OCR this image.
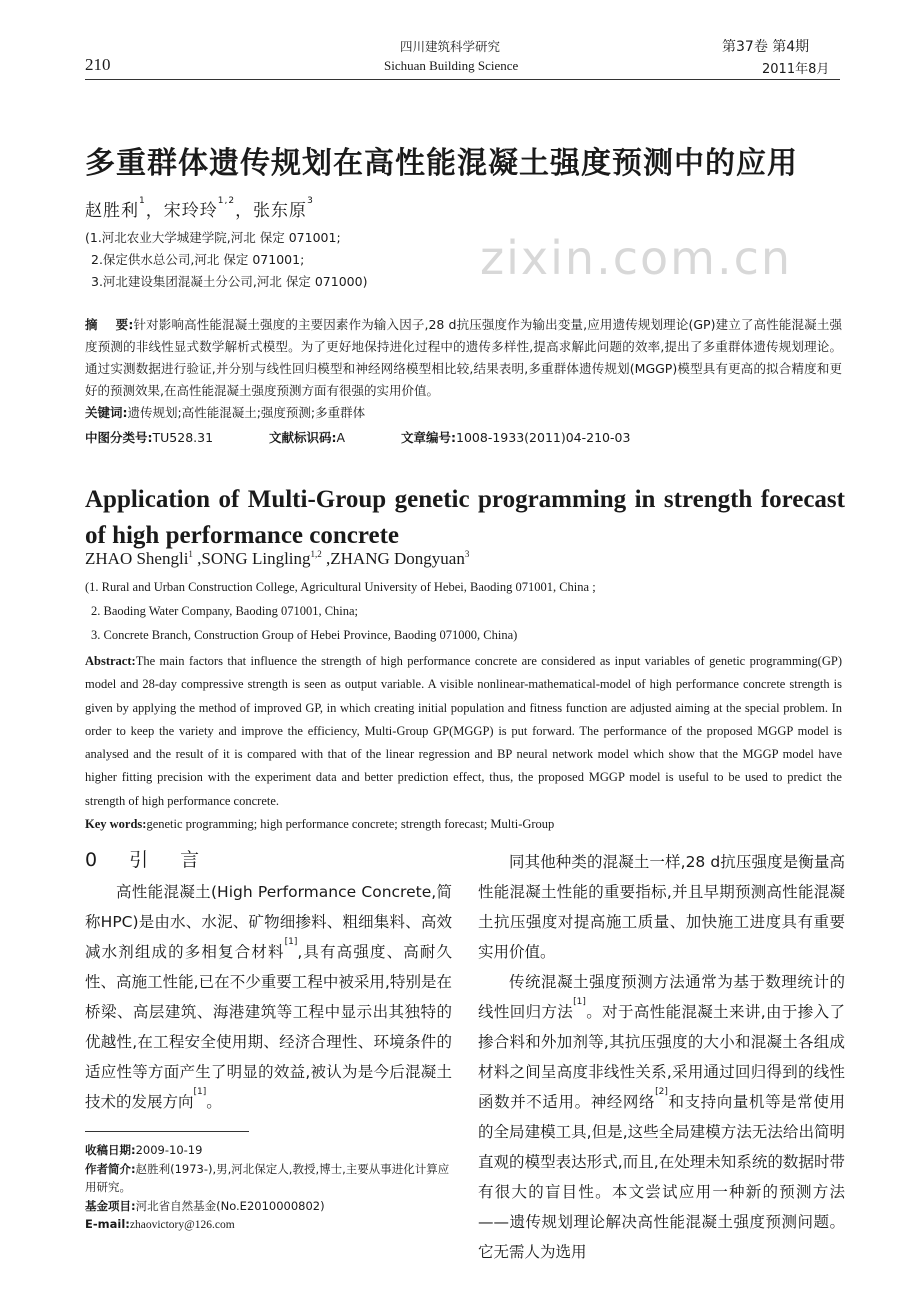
210
四川建筑科学研究
Sichuan Building Science
第37卷 第4期
2011年8月
多重群体遗传规划在高性能混凝土强度预测中的应用
赵胜利$^1$，宋玲玲$^{1,2}$，张东原$^3$
(1.河北农业大学城建学院,河北 保定 071001;
2.保定供水总公司,河北 保定 071001;
3.河北建设集团混凝土分公司,河北 保定 071000) zixin.com.cn
摘    要:针对影响高性能混凝土强度的主要因素作为输入因子,28 d抗压强度作为输出变量,应用遗传规划理论(GP)建立了高性能混凝土强度预测的非线性显式数学解析式模型。为了更好地保持进化过程中的遗传多样性,提高求解此问题的效率,提出了多重群体遗传规划理论。通过实测数据进行验证,并分别与线性回归模型和神经网络模型相比较,结果表明,多重群体遗传规划(MGGP)模型具有更高的拟合精度和更好的预测效果,在高性能混凝土强度预测方面有很强的实用价值。
关键词:遗传规划;高性能混凝土;强度预测;多重群体
中图分类号:TU528.31	文献标识码:A	文章编号:1008-1933(2011)04-210-03
Application of Multi-Group genetic programming in strength forecast of high performance concrete
ZHAO Shengli$^1$ ,SONG Lingling$^{1,2}$ ,ZHANG Dongyuan$^3$
(1. Rural and Urban Construction College, Agricultural University of Hebei, Baoding 071001, China ;
2. Baoding Water Company, Baoding 071001, China;
3. Concrete Branch, Construction Group of Hebei Province, Baoding 071000, China)
Abstract:The main factors that influence the strength of high performance concrete are considered as input variables of genetic programming(GP) model and 28-day compressive strength is seen as output variable. A visible nonlinear-mathematical-model of high performance concrete strength is given by applying the method of improved GP, in which creating initial population and fitness function are adjusted aiming at the special problem. In order to keep the variety and improve the efficiency, Multi-Group GP(MGGP) is put forward. The performance of the proposed MGGP model is analysed and the result of it is compared with that of the linear regression and BP neural network model which show that the MGGP model have higher fitting precision with the experiment data and better prediction effect, thus, the proposed MGGP model is useful to be used to predict the strength of high performance concrete.
Key words:genetic programming; high performance concrete; strength forecast; Multi-Group
0 引 言

高性能混凝土(High Performance Concrete,简称HPC)是由水、水泥、矿物细掺料、粗细集料、高效减水剂组成的多相复合材料[1],具有高强度、高耐久性、高施工性能,已在不少重要工程中被采用,特别是在桥梁、高层建筑、海港建筑等工程中显示出其独特的优越性,在工程安全使用期、经济合理性、环境条件的适应性等方面产生了明显的效益,被认为是今后混凝土技术的发展方向[1]。

收稿日期:2009-10-19
作者简介:赵胜利(1973-),男,河北保定人,教授,博士,主要从事进化计算应用研究。
基金项目:河北省自然基金(No.E2010000802)
E-mail:zhaovictory@126.com

同其他种类的混凝土一样,28 d抗压强度是衡量高性能混凝土性能的重要指标,并且早期预测高性能混凝土抗压强度对提高施工质量、加快施工进度具有重要实用价值。

传统混凝土强度预测方法通常为基于数理统计的线性回归方法[1]。对于高性能混凝土来讲,由于掺入了掺合料和外加剂等,其抗压强度的大小和混凝土各组成材料之间呈高度非线性关系,采用通过回归得到的线性函数并不适用。神经网络[2]和支持向量机等是常使用的全局建模工具,但是,这些全局建模方法无法给出简明直观的模型表达形式,而且,在处理未知系统的数据时带有很大的盲目性。本文尝试应用一种新的预测方法——遗传规划理论解决高性能混凝土强度预测问题。它无需人为选用
